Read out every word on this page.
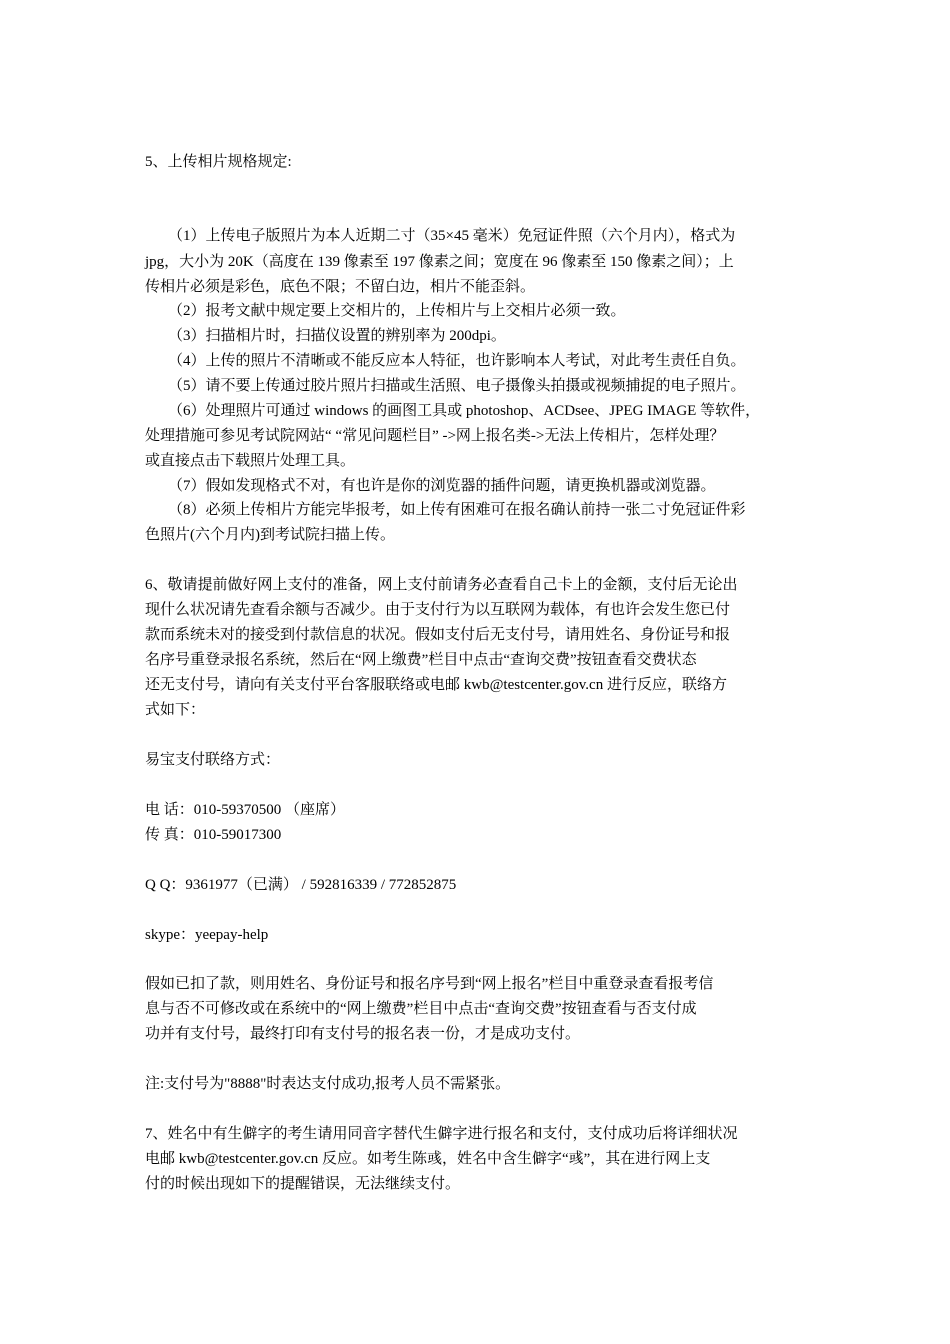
5、上传相片规格规定:
（1）上传电子版照片为本人近期二寸（35×45 毫米）免冠证件照（六个月内），格式为
jpg，大小为 20K（高度在 139 像素至 197 像素之间；宽度在 96 像素至 150 像素之间）；上
传相片必须是彩色，底色不限；不留白边，相片不能歪斜。
（2）报考文献中规定要上交相片的，上传相片与上交相片必须一致。
（3）扫描相片时，扫描仪设置的辨别率为 200dpi。
（4）上传的照片不清晰或不能反应本人特征，也许影响本人考试，对此考生责任自负。
（5）请不要上传通过胶片照片扫描或生活照、电子摄像头拍摄或视频捕捉的电子照片。
（6）处理照片可通过 windows 的画图工具或 photoshop、ACDsee、JPEG IMAGE 等软件，
处理措施可参见考试院网站“ “常见问题栏目” ->网上报名类->无法上传相片，怎样处理？
或直接点击下载照片处理工具。
（7）假如发现格式不对，有也许是你的浏览器的插件问题，请更换机器或浏览器。
（8）必须上传相片方能完毕报考，如上传有困难可在报名确认前持一张二寸免冠证件彩
色照片(六个月内)到考试院扫描上传。
6、敬请提前做好网上支付的准备，网上支付前请务必查看自己卡上的金额，支付后无论出
现什么状况请先查看余额与否减少。由于支付行为以互联网为载体，有也许会发生您已付
款而系统未对的接受到付款信息的状况。假如支付后无支付号，请用姓名、身份证号和报
名序号重登录报名系统，然后在“网上缴费”栏目中点击“查询交费”按钮查看交费状态
还无支付号，请向有关支付平台客服联络或电邮 kwb@testcenter.gov.cn 进行反应，联络方
式如下：
易宝支付联络方式：
电 话：010-59370500 （座席）
传 真：010-59017300
Q Q：9361977（已满） / 592816339 / 772852875
skype：yeepay-help
假如已扣了款，则用姓名、身份证号和报名序号到“网上报名”栏目中重登录查看报考信
息与否不可修改或在系统中的“网上缴费”栏目中点击“查询交费”按钮查看与否支付成
功并有支付号，最终打印有支付号的报名表一份，才是成功支付。
注:支付号为"8888"时表达支付成功,报考人员不需紧张。
7、姓名中有生僻字的考生请用同音字替代生僻字进行报名和支付，支付成功后将详细状况
电邮 kwb@testcenter.gov.cn 反应。如考生陈彧，姓名中含生僻字“彧”，其在进行网上支
付的时候出现如下的提醒错误，无法继续支付。
